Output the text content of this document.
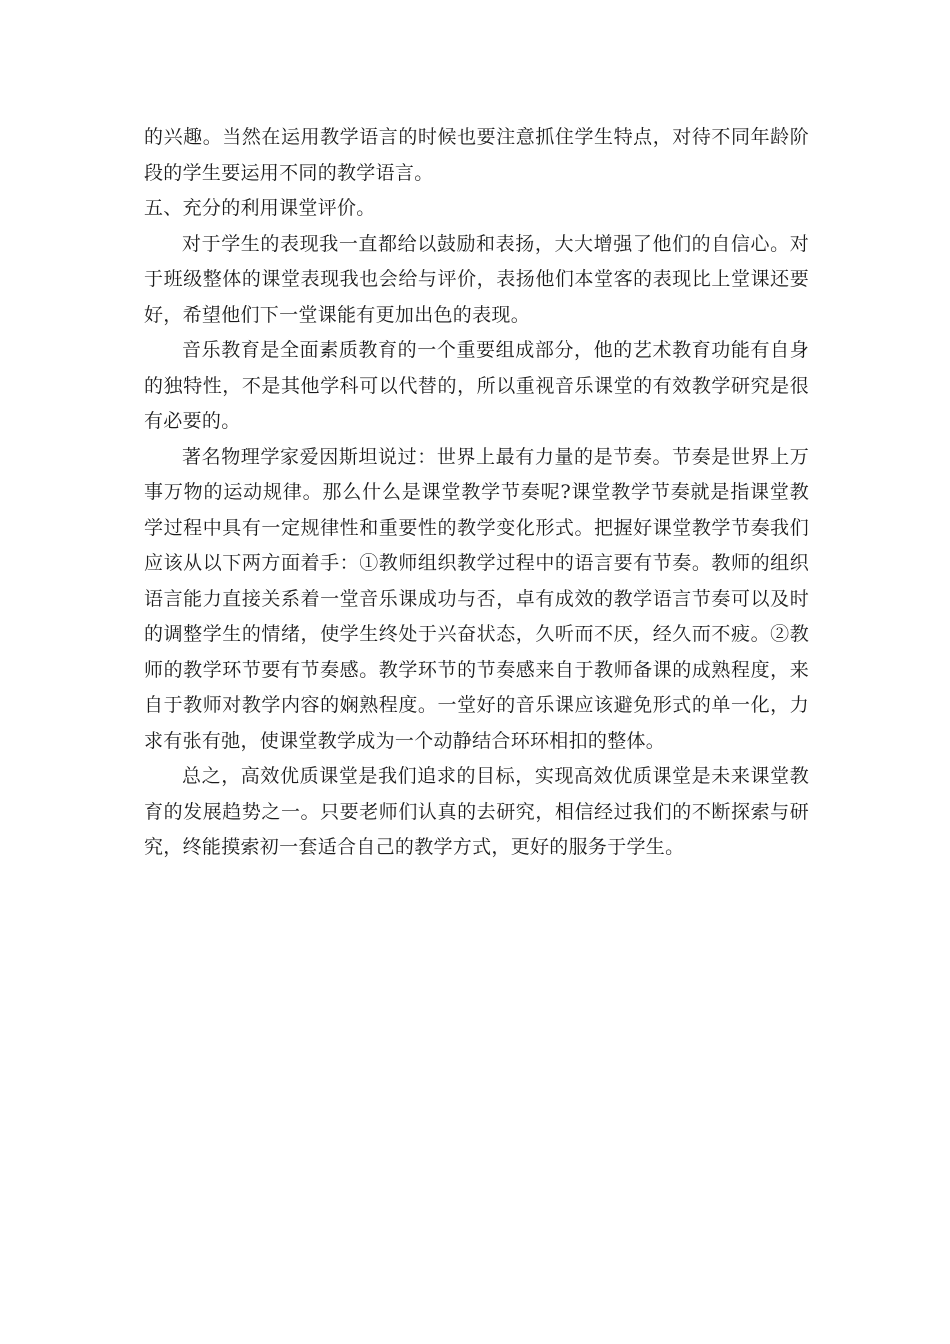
的兴趣。当然在运用教学语言的时候也要注意抓住学生特点，对待不同年龄阶段的学生要运用不同的教学语言。

五、充分的利用课堂评价。

对于学生的表现我一直都给以鼓励和表扬，大大增强了他们的自信心。对于班级整体的课堂表现我也会给与评价，表扬他们本堂客的表现比上堂课还要好，希望他们下一堂课能有更加出色的表现。

音乐教育是全面素质教育的一个重要组成部分，他的艺术教育功能有自身的独特性，不是其他学科可以代替的，所以重视音乐课堂的有效教学研究是很有必要的。

著名物理学家爱因斯坦说过：世界上最有力量的是节奏。节奏是世界上万事万物的运动规律。那么什么是课堂教学节奏呢?课堂教学节奏就是指课堂教学过程中具有一定规律性和重要性的教学变化形式。把握好课堂教学节奏我们应该从以下两方面着手：①教师组织教学过程中的语言要有节奏。教师的组织语言能力直接关系着一堂音乐课成功与否，卓有成效的教学语言节奏可以及时的调整学生的情绪，使学生终处于兴奋状态，久听而不厌，经久而不疲。②教师的教学环节要有节奏感。教学环节的节奏感来自于教师备课的成熟程度，来自于教师对教学内容的娴熟程度。一堂好的音乐课应该避免形式的单一化，力求有张有弛，使课堂教学成为一个动静结合环环相扣的整体。

总之，高效优质课堂是我们追求的目标，实现高效优质课堂是未来课堂教育的发展趋势之一。只要老师们认真的去研究，相信经过我们的不断探索与研究，终能摸索初一套适合自己的教学方式，更好的服务于学生。
